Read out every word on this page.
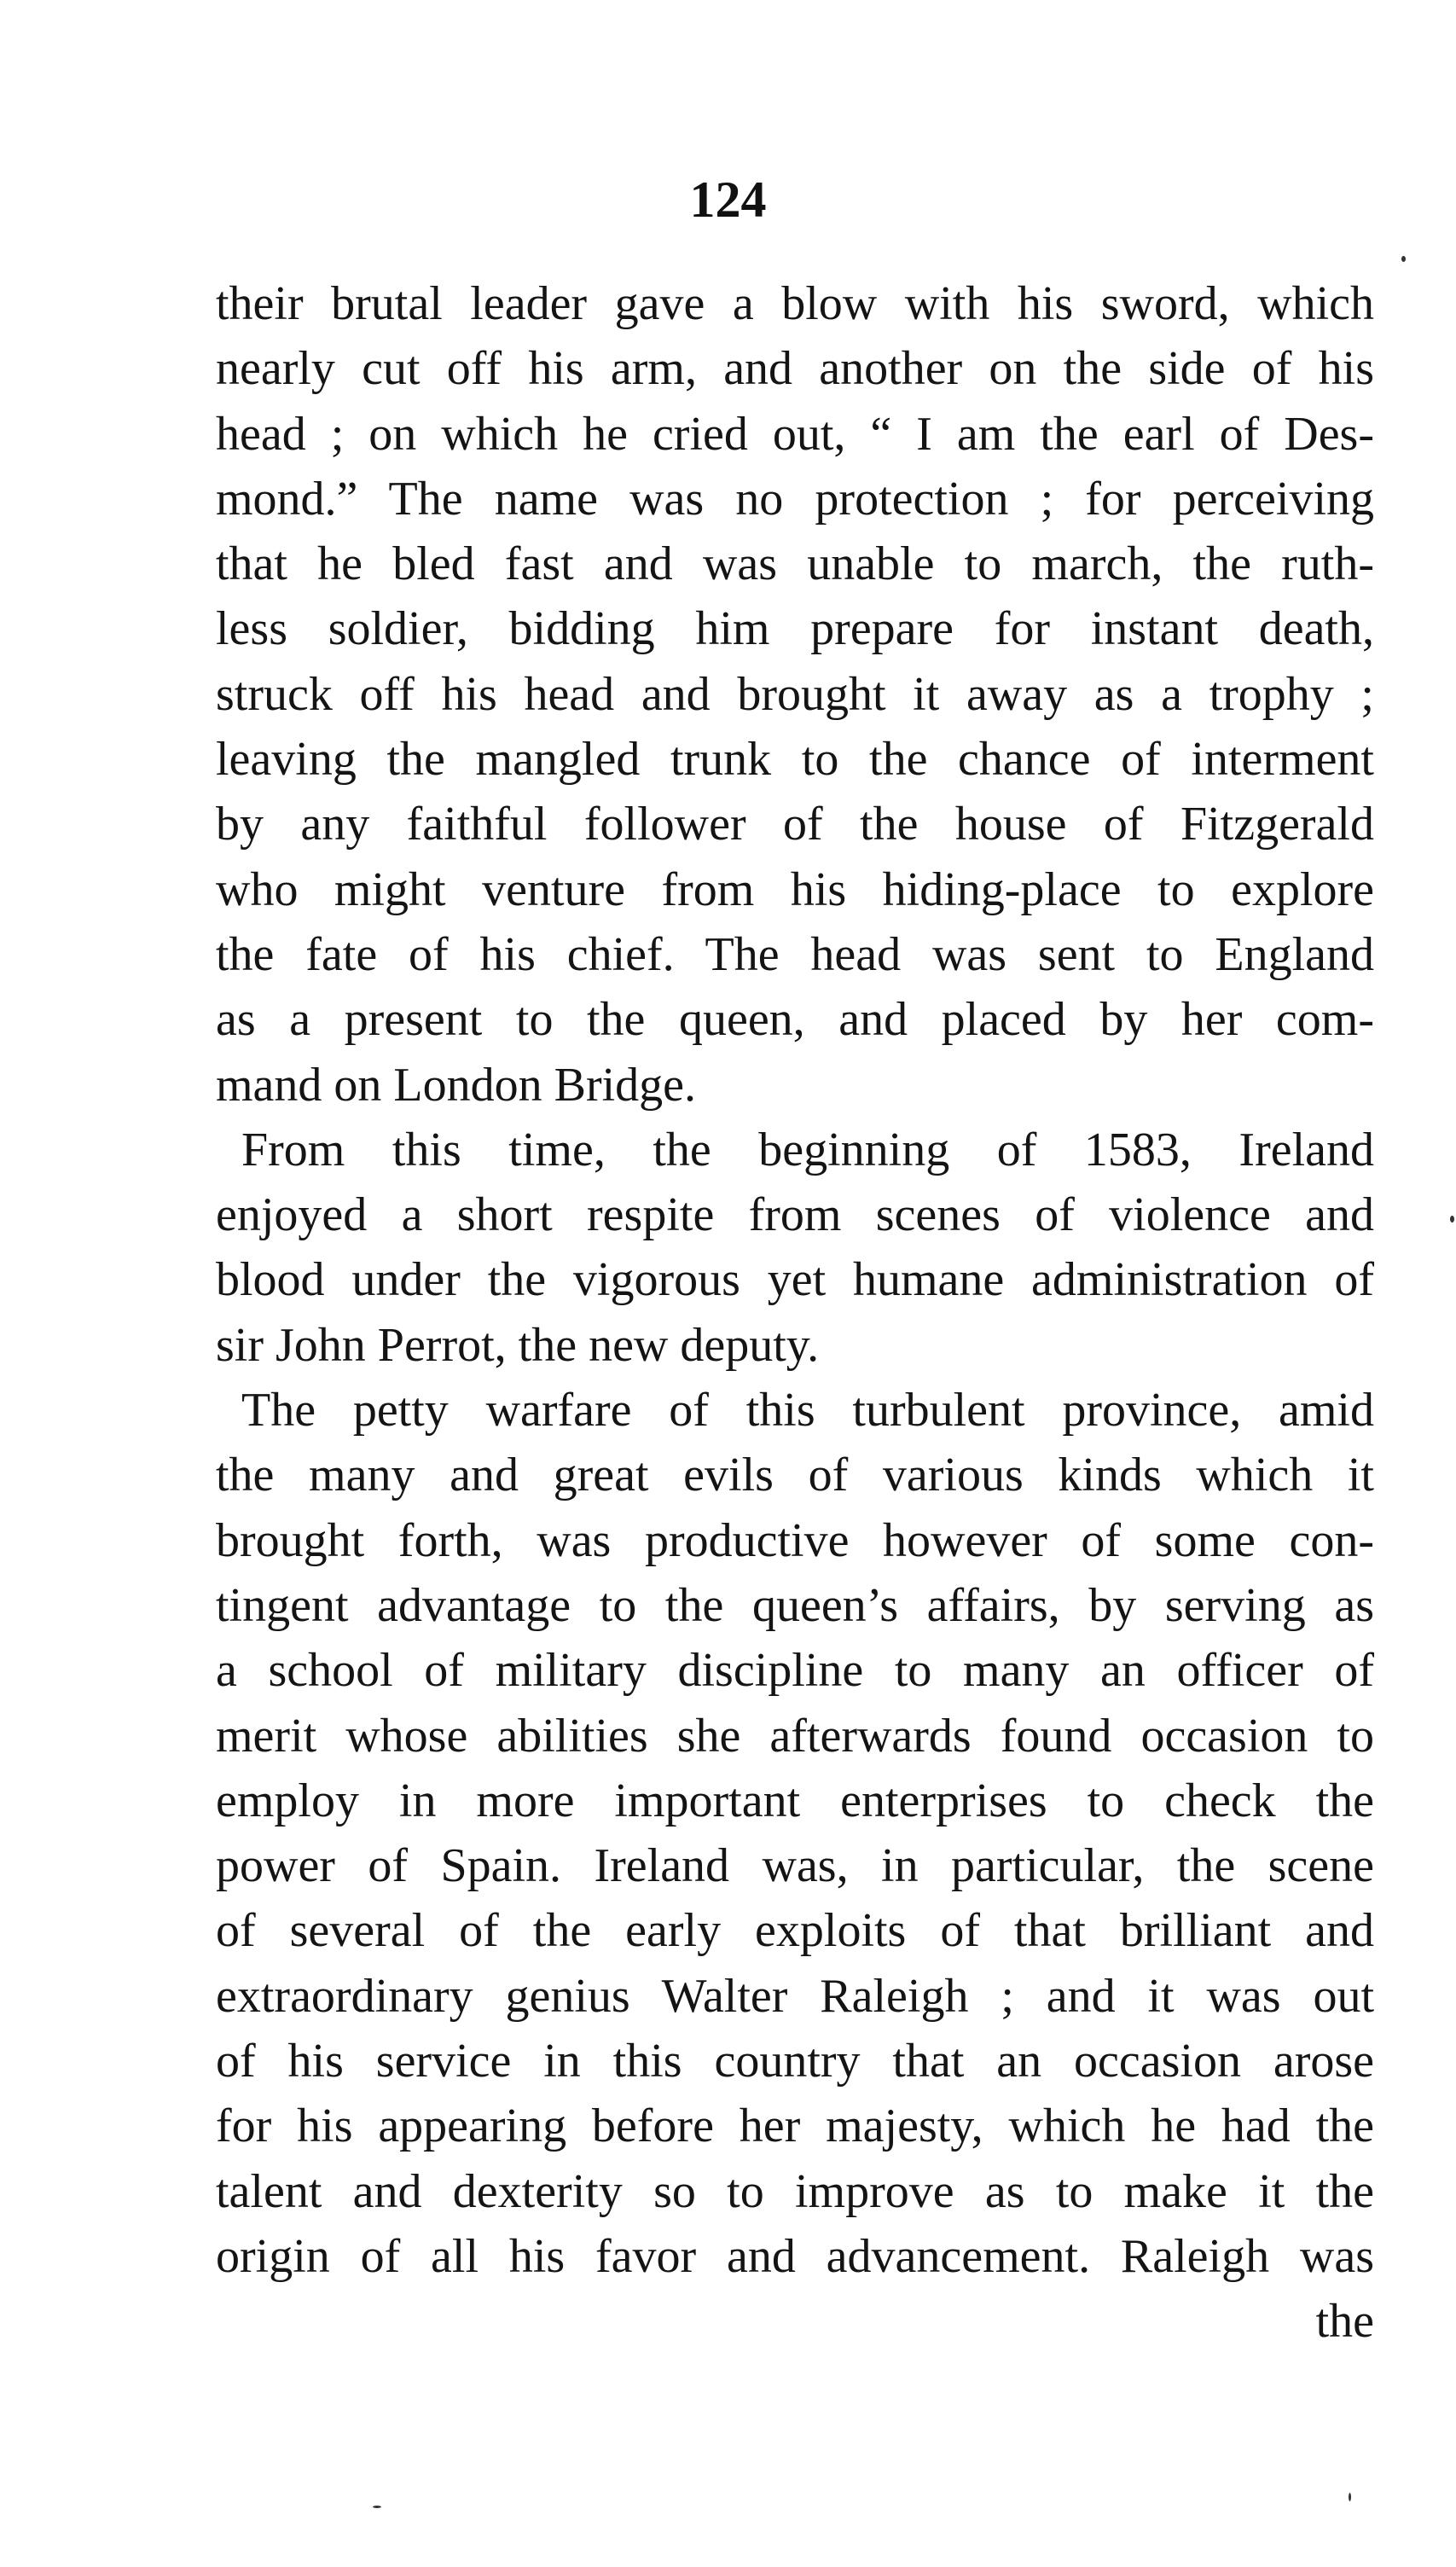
124
their brutal leader gave a blow with his sword, which
nearly cut off his arm, and another on the side of his
head ; on which he cried out, “ I am the earl of Des-
mond.” The name was no protection ; for perceiving
that he bled fast and was unable to march, the ruth-
less soldier, bidding him prepare for instant death,
struck off his head and brought it away as a trophy ;
leaving the mangled trunk to the chance of interment
by any faithful follower of the house of Fitzgerald
who might venture from his hiding-place to explore
the fate of his chief. The head was sent to England
as a present to the queen, and placed by her com-
mand on London Bridge.
From this time, the beginning of 1583, Ireland
enjoyed a short respite from scenes of violence and
blood under the vigorous yet humane administration of
sir John Perrot, the new deputy.
The petty warfare of this turbulent province, amid
the many and great evils of various kinds which it
brought forth, was productive however of some con-
tingent advantage to the queen’s affairs, by serving as
a school of military discipline to many an officer of
merit whose abilities she afterwards found occasion to
employ in more important enterprises to check the
power of Spain. Ireland was, in particular, the scene
of several of the early exploits of that brilliant and
extraordinary genius Walter Raleigh ; and it was out
of his service in this country that an occasion arose
for his appearing before her majesty, which he had the
talent and dexterity so to improve as to make it the
origin of all his favor and advancement. Raleigh was
the
